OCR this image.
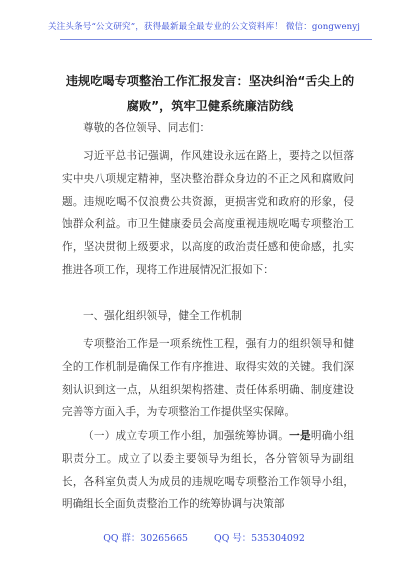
关注头条号“公文研究”，获得最新最全最专业的公文资料库！ 微信：gongwenyj
违规吃喝专项整治工作汇报发言：坚决纠治“舌尖上的腐败”，筑牢卫健系统廉洁防线
尊敬的各位领导、同志们：
习近平总书记强调，作风建设永远在路上，要持之以恒落实中央八项规定精神，坚决整治群众身边的不正之风和腐败问题。违规吃喝不仅浪费公共资源，更损害党和政府的形象，侵蚀群众利益。市卫生健康委员会高度重视违规吃喝专项整治工作，坚决贯彻上级要求，以高度的政治责任感和使命感，扎实推进各项工作，现将工作进展情况汇报如下：
一、强化组织领导，健全工作机制
专项整治工作是一项系统性工程，强有力的组织领导和健全的工作机制是确保工作有序推进、取得实效的关键。我们深刻认识到这一点，从组织架构搭建、责任体系明确、制度建设完善等方面入手，为专项整治工作提供坚实保障。
（一）成立专项工作小组，加强统筹协调。一是明确小组职责分工。成立了以委主要领导为组长，各分管领导为副组长，各科室负责人为成员的违规吃喝专项整治工作领导小组，明确组长全面负责整治工作的统筹协调与决策部
QQ 群：30265665	QQ 号：535304092
